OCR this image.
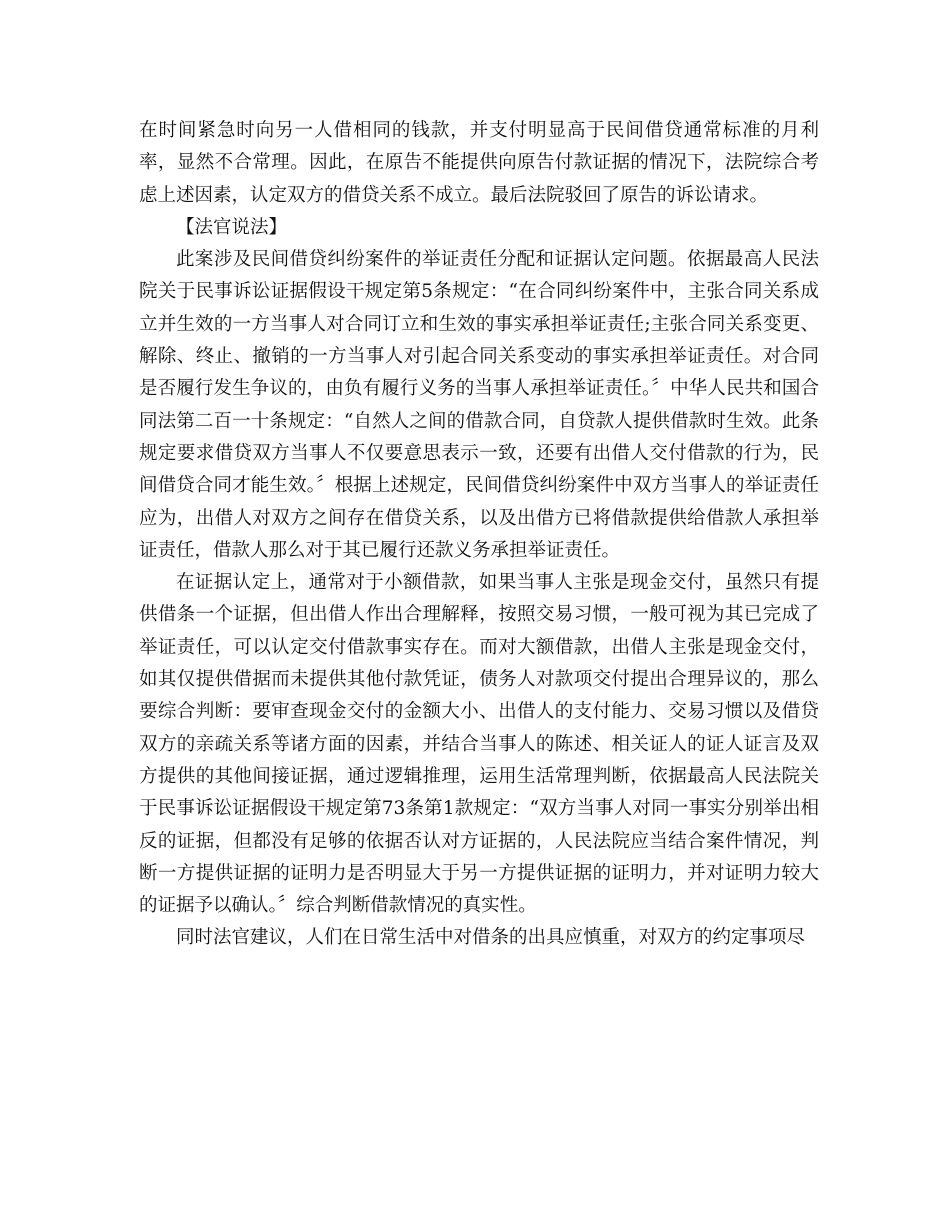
在时间紧急时向另一人借相同的钱款，并支付明显高于民间借贷通常标准的月利率，显然不合常理。因此，在原告不能提供向原告付款证据的情况下，法院综合考虑上述因素，认定双方的借贷关系不成立。最后法院驳回了原告的诉讼请求。

【法官说法】

此案涉及民间借贷纠纷案件的举证责任分配和证据认定问题。依据最高人民法院关于民事诉讼证据假设干规定第5条规定：“在合同纠纷案件中，主张合同关系成立并生效的一方当事人对合同订立和生效的事实承担举证责任;主张合同关系变更、解除、终止、撤销的一方当事人对引起合同关系变动的事实承担举证责任。对合同是否履行发生争议的，由负有履行义务的当事人承担举证责任。〞中华人民共和国合同法第二百一十条规定：“自然人之间的借款合同，自贷款人提供借款时生效。此条规定要求借贷双方当事人不仅要意思表示一致，还要有出借人交付借款的行为，民间借贷合同才能生效。〞根据上述规定，民间借贷纠纷案件中双方当事人的举证责任应为，出借人对双方之间存在借贷关系，以及出借方已将借款提供给借款人承担举证责任，借款人那么对于其已履行还款义务承担举证责任。

在证据认定上，通常对于小额借款，如果当事人主张是现金交付，虽然只有提供借条一个证据，但出借人作出合理解释，按照交易习惯，一般可视为其已完成了举证责任，可以认定交付借款事实存在。而对大额借款，出借人主张是现金交付，如其仅提供借据而未提供其他付款凭证，债务人对款项交付提出合理异议的，那么要综合判断：要审查现金交付的金额大小、出借人的支付能力、交易习惯以及借贷双方的亲疏关系等诸方面的因素，并结合当事人的陈述、相关证人的证人证言及双方提供的其他间接证据，通过逻辑推理，运用生活常理判断，依据最高人民法院关于民事诉讼证据假设干规定第73条第1款规定：“双方当事人对同一事实分别举出相反的证据，但都没有足够的依据否认对方证据的，人民法院应当结合案件情况，判断一方提供证据的证明力是否明显大于另一方提供证据的证明力，并对证明力较大的证据予以确认。〞综合判断借款情况的真实性。

同时法官建议，人们在日常生活中对借条的出具应慎重，对双方的约定事项尽
